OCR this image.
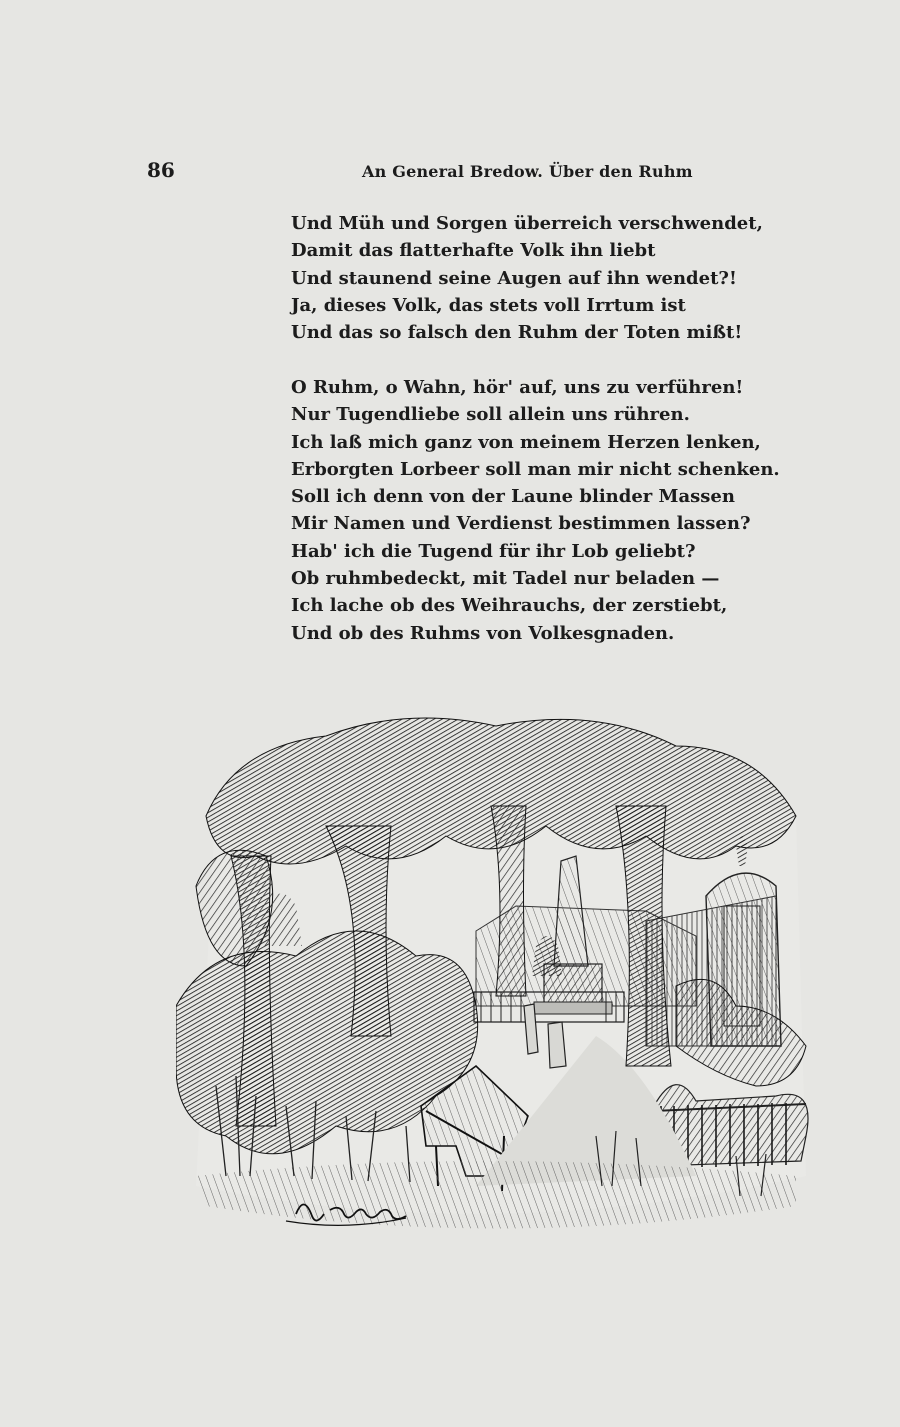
86	An General Bredow. Über den Ruhm
Und Müh und Sorgen überreich verschwendet,
Damit das flatterhafte Volk ihn liebt
Und staunend seine Augen auf ihn wendet?!
Ja, dieses Volk, das stets voll Irrtum ist
Und das so falsch den Ruhm der Toten mißt!
O Ruhm, o Wahn, hör' auf, uns zu verführen!
Nur Tugendliebe soll allein uns rühren.
Ich laß mich ganz von meinem Herzen lenken,
Erborgten Lorbeer soll man mir nicht schenken.
Soll ich denn von der Laune blinder Massen
Mir Namen und Verdienst bestimmen lassen?
Hab' ich die Tugend für ihr Lob geliebt?
Ob ruhmbedeckt, mit Tadel nur beladen —
Ich lache ob des Weihrauchs, der zerstiebt,
Und ob des Ruhms von Volkesgnaden.
